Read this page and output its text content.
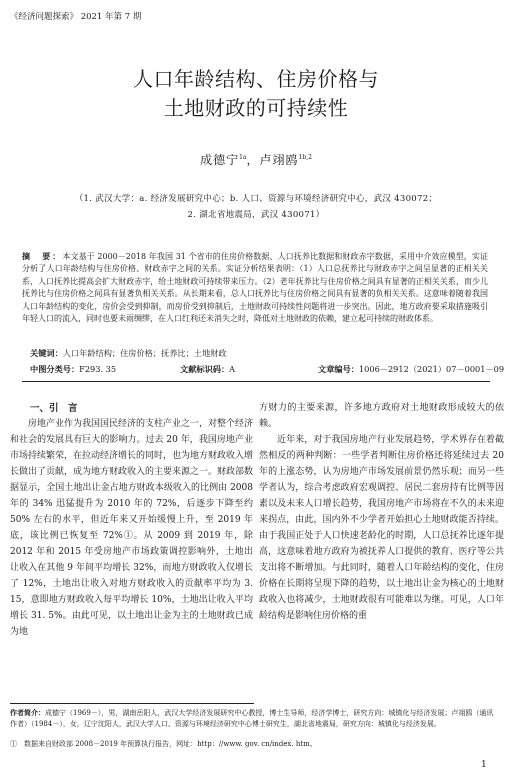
《经济问题探索》 2021 年第 7 期
人口年龄结构、住房价格与
土地财政的可持续性
成德宁$^{1a}$，卢翊鸥$^{1b,2}$
（1. 武汉大学：a. 经济发展研究中心；b. 人口、资源与环境经济研究中心，武汉 430072；
2. 湖北省地震局，武汉 430071）
摘　要：本文基于 2000－2018 年我国 31 个省市的住房价格数据、人口抚养比数据和财政赤字数据，采用中介效应模型，实证分析了人口年龄结构与住房价格、财政赤字之间的关系。实证分析结果表明：（1）人口总抚养比与财政赤字之间呈显著的正相关关系，人口抚养比提高会扩大财政赤字，给土地财政可持续带来压力。（2）老年抚养比与住房价格之间具有显著的正相关关系，而少儿抚养比与住房价格之间具有显著负相关关系。从长期来看，总人口抚养比与住房价格之间具有显著的负相关关系。这意味着随着我国人口年龄结构的变化，房价会受到抑制，而房价受到抑制后，土地财政可持续性问题将进一步突出。因此，地方政府要采取措施吸引年轻人口的流入，同时也要未雨绸缪，在人口红利还未消失之时，降低对土地财政的依赖，建立起可持续的财政体系。
关键词：人口年龄结构；住房价格；抚养比；土地财政
中图分类号：F293. 35	文献标识码：A	文章编号：1006－2912（2021）07－0001－09
一、引　言

房地产业作为我国国民经济的支柱产业之一，对整个经济和社会的发展具有巨大的影响力。过去 20 年，我国房地产业市场持续繁荣，在拉动经济增长的同时，也为地方财政收入增长做出了贡献，成为地方财政收入的主要来源之一。财政部数据显示，全国土地出让金占地方财政本级收入的比例由 2008 年的 34% 迅猛提升为 2010 年的 72%，后逐步下降至约 50% 左右的水平，但近年来又开始缓慢上升，至 2019 年底，该比例已恢复至 72%①。从 2009 到 2019 年，除 2012 年和 2015 年受房地产市场政策调控影响外，土地出让收入在其他 9 年间平均增长 32%，而地方财政收入仅增长了 12%，土地出让收入对地方财政收入的贡献率平均为 3. 15，意即地方财政收入每平均增长 10%，土地出让收入平均增长 31. 5%。由此可见，以土地出让金为主的土地财政已成为地

方财力的主要来源，许多地方政府对土地财政形成较大的依赖。

近年来，对于我国房地产行业发展趋势，学术界存在着截然相反的两种判断：一些学者判断住房价格还将延续过去 20 年的上涨态势，认为房地产市场发展前景仍然乐观；而另一些学者认为，综合考虑政府宏观调控、居民二套房持有比例等因素以及未来人口增长趋势，我国房地产市场将在不久的未来迎来拐点，由此，国内外不少学者开始担心土地财政能否持续。由于我国正处于人口快速老龄化的时期，人口总抚养比逐年提高，这意味着地方政府为被抚养人口提供的教育、医疗等公共支出将不断增加。与此同时，随着人口年龄结构的变化，住房价格在长期将呈现下降的趋势，以土地出让金为核心的土地财政收入也将减少，土地财政很有可能难以为继。可见，人口年龄结构是影响住房价格的重

作者简介：成德宁（1969－），男，湖南岳阳人，武汉大学经济发展研究中心教授，博士生导师，经济学博士，研究方向：城镇化与经济发展；卢翊鸥（通讯作者）（1984－），女，辽宁沈阳人，武汉大学人口、资源与环境经济研究中心博士研究生，湖北省地震局，研究方向：城镇化与经济发展。
①　数据来自财政部 2008－2019 年预算执行报告，网址：http：//www. gov. cn/index. htm。
1
